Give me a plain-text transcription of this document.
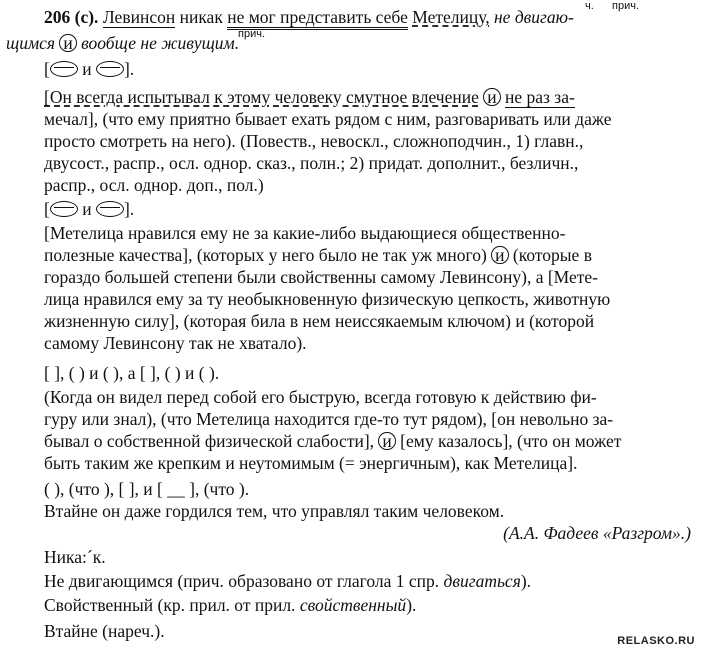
ч. прич.
прич.
206 (с). Левинсон никак не мог представить себе Метелицу, не двигаю-
щимся и вообще не живущим.
[ и ].
[Он всегда испытывал к этому человеку смутное влечение и не раз за-
мечал], (что ему приятно бывает ехать рядом с ним, разговаривать или даже
просто смотреть на него). (Повеств., невоскл., сложноподчин., 1) главн.,
двусост., распр., осл. однор. сказ., полн.; 2) придат. дополнит., безличн.,
распр., осл. однор. доп., пол.)
[ и ].
[Метелица нравился ему не за какие-либо выдающиеся общественно-
полезные качества], (которых у него было не так уж много) и (которые в
гораздо большей степени были свойственны самому Левинсону), а [Мете-
лица нравился ему за ту необыкновенную физическую цепкость, животную
жизненную силу], (которая била в нем неиссякаемым ключом) и (которой
самому Левинсону так не хватало).
[ ], ( ) и ( ), а [ ], ( ) и ( ).
(Когда он видел перед собой его быструю, всегда готовую к действию фи-
гуру или знал), (что Метелица находится где-то тут рядом), [он невольно за-
бывал о собственной физической слабости], и [ему казалось], (что он может
быть таким же крепким и неутомимым (= энергичным), как Метелица].
( ), (что ), [ ], и [ __ ], (что ).
Втайне он даже гордился тем, что управлял таким человеком.
(А.А. Фадеев «Разгром».)
Ника:´к.
Не двигающимся (прич. образовано от глагола 1 спр. двигаться).
Свойственный (кр. прил. от прил. свойственный).
Втайне (нареч.).	RELASKO.RU
